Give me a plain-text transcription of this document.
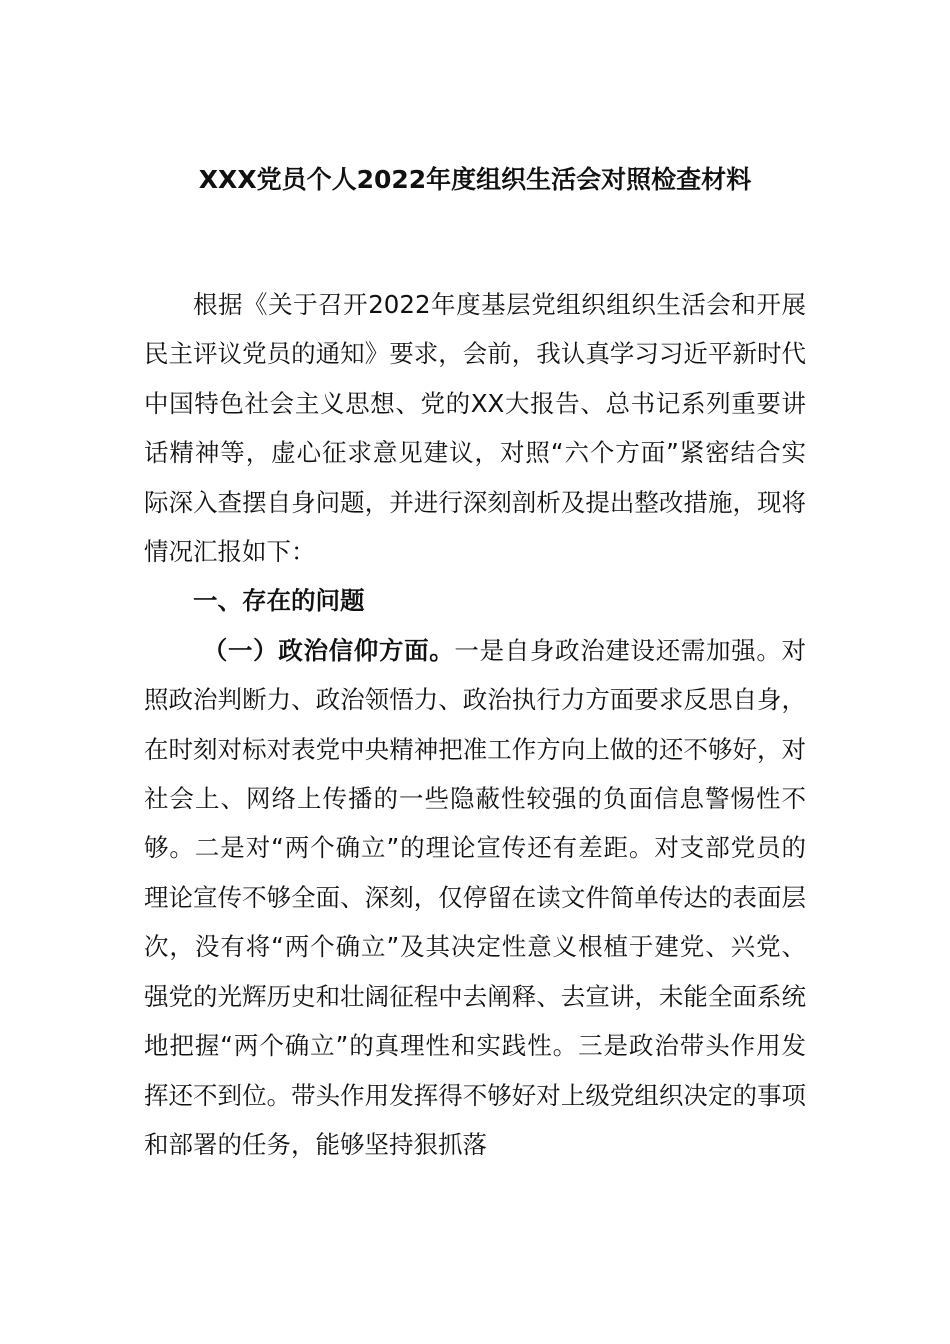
XXX党员个人2022年度组织生活会对照检查材料

根据《关于召开2022年度基层党组织组织生活会和开展民主评议党员的通知》要求，会前，我认真学习习近平新时代中国特色社会主义思想、党的XX大报告、总书记系列重要讲话精神等，虚心征求意见建议，对照“六个方面”紧密结合实际深入查摆自身问题，并进行深刻剖析及提出整改措施，现将情况汇报如下：

一、存在的问题

（一）政治信仰方面。一是自身政治建设还需加强。对照政治判断力、政治领悟力、政治执行力方面要求反思自身，在时刻对标对表党中央精神把准工作方向上做的还不够好，对社会上、网络上传播的一些隐蔽性较强的负面信息警惕性不够。二是对“两个确立”的理论宣传还有差距。对支部党员的理论宣传不够全面、深刻，仅停留在读文件简单传达的表面层次，没有将“两个确立”及其决定性意义根植于建党、兴党、强党的光辉历史和壮阔征程中去阐释、去宣讲，未能全面系统地把握“两个确立”的真理性和实践性。三是政治带头作用发挥还不到位。带头作用发挥得不够好对上级党组织决定的事项和部署的任务，能够坚持狠抓落
